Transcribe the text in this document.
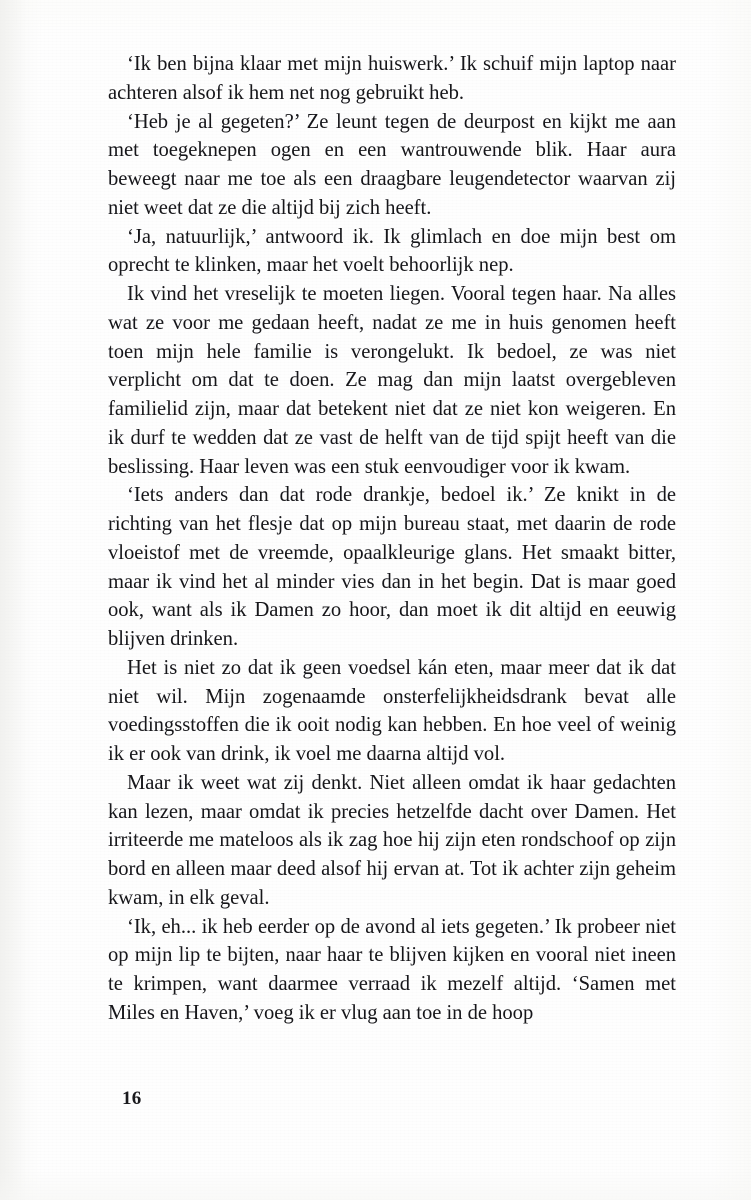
‘Ik ben bijna klaar met mijn huiswerk.’ Ik schuif mijn laptop naar achteren alsof ik hem net nog gebruikt heb.

‘Heb je al gegeten?’ Ze leunt tegen de deurpost en kijkt me aan met toegeknepen ogen en een wantrouwende blik. Haar aura beweegt naar me toe als een draagbare leugendetector waarvan zij niet weet dat ze die altijd bij zich heeft.

‘Ja, natuurlijk,’ antwoord ik. Ik glimlach en doe mijn best om oprecht te klinken, maar het voelt behoorlijk nep.

Ik vind het vreselijk te moeten liegen. Vooral tegen haar. Na alles wat ze voor me gedaan heeft, nadat ze me in huis genomen heeft toen mijn hele familie is verongelukt. Ik bedoel, ze was niet verplicht om dat te doen. Ze mag dan mijn laatst overgebleven familielid zijn, maar dat betekent niet dat ze niet kon weigeren. En ik durf te wedden dat ze vast de helft van de tijd spijt heeft van die beslissing. Haar leven was een stuk eenvoudiger voor ik kwam.

‘Iets anders dan dat rode drankje, bedoel ik.’ Ze knikt in de richting van het flesje dat op mijn bureau staat, met daarin de rode vloeistof met de vreemde, opaalkleurige glans. Het smaakt bitter, maar ik vind het al minder vies dan in het begin. Dat is maar goed ook, want als ik Damen zo hoor, dan moet ik dit altijd en eeuwig blijven drinken.

Het is niet zo dat ik geen voedsel kán eten, maar meer dat ik dat niet wil. Mijn zogenaamde onsterfelijkheidsdrank bevat alle voedingsstoffen die ik ooit nodig kan hebben. En hoe veel of weinig ik er ook van drink, ik voel me daarna altijd vol.

Maar ik weet wat zij denkt. Niet alleen omdat ik haar gedachten kan lezen, maar omdat ik precies hetzelfde dacht over Damen. Het irriteerde me mateloos als ik zag hoe hij zijn eten rondschoof op zijn bord en alleen maar deed alsof hij ervan at. Tot ik achter zijn geheim kwam, in elk geval.

‘Ik, eh... ik heb eerder op de avond al iets gegeten.’ Ik probeer niet op mijn lip te bijten, naar haar te blijven kijken en vooral niet ineen te krimpen, want daarmee verraad ik mezelf altijd. ‘Samen met Miles en Haven,’ voeg ik er vlug aan toe in de hoop

16
